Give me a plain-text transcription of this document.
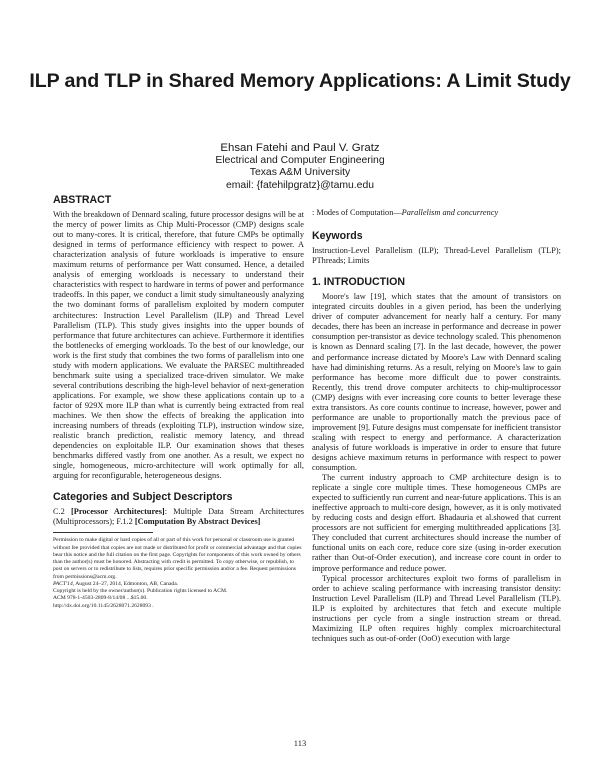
ILP and TLP in Shared Memory Applications: A Limit Study
Ehsan Fatehi and Paul V. Gratz
Electrical and Computer Engineering
Texas A&M University
email: {fatehilpgratz}@tamu.edu
ABSTRACT

With the breakdown of Dennard scaling, future processor designs will be at the mercy of power limits as Chip Multi-Processor (CMP) designs scale out to many-cores. It is critical, therefore, that future CMPs be optimally designed in terms of performance efficiency with respect to power. A characterization analysis of future workloads is imperative to ensure maximum returns of performance per Watt consumed. Hence, a detailed analysis of emerging workloads is necessary to understand their characteristics with respect to hardware in terms of power and performance tradeoffs. In this paper, we conduct a limit study simultaneously analyzing the two dominant forms of parallelism exploited by modern computer architectures: Instruction Level Parallelism (ILP) and Thread Level Parallelism (TLP). This study gives insights into the upper bounds of performance that future architectures can achieve. Furthermore it identifies the bottlenecks of emerging workloads. To the best of our knowledge, our work is the first study that combines the two forms of parallelism into one study with modern applications. We evaluate the PARSEC multithreaded benchmark suite using a specialized trace-driven simulator. We make several contributions describing the high-level behavior of next-generation applications. For example, we show these applications contain up to a factor of 929X more ILP than what is currently being extracted from real machines. We then show the effects of breaking the application into increasing numbers of threads (exploiting TLP), instruction window size, realistic branch prediction, realistic memory latency, and thread dependencies on exploitable ILP. Our examination shows that theses benchmarks differed vastly from one another. As a result, we expect no single, homogeneous, micro-architecture will work optimally for all, arguing for reconfigurable, heterogeneous designs.

Categories and Subject Descriptors

C.2 [Processor Architectures]: Multiple Data Stream Architectures (Multiprocessors); F.1.2 [Computation By Abstract Devices]

Permission to make digital or hard copies of all or part of this work for personal or classroom use is granted without fee provided that copies are not made or distributed for profit or commercial advantage and that copies bear this notice and the full citation on the first page. Copyrights for components of this work owned by others than the author(s) must be honored. Abstracting with credit is permitted. To copy otherwise, or republish, to post on servers or to redistribute to lists, requires prior specific permission and/or a fee. Request permissions from permissions@acm.org.
PACT'14, August 24–27, 2014, Edmonton, AB, Canada.
Copyright is held by the owner/author(s). Publication rights licensed to ACM.
ACM 978-1-4503-2809-8/14/08 ...$15.00.
http://dx.doi.org/10.1145/2628071.2628093 .

: Modes of Computation—Parallelism and concurrency

Keywords

Instruction-Level Parallelism (ILP); Thread-Level Parallelism (TLP); PThreads; Limits

1. INTRODUCTION

Moore's law [19], which states that the amount of transistors on integrated circuits doubles in a given period, has been the underlying driver of computer advancement for nearly half a century. For many decades, there has been an increase in performance and decrease in power consumption per-transistor as device technology scaled. This phenomenon is known as Dennard scaling [7]. In the last decade, however, the power and performance increase dictated by Moore's Law with Dennard scaling have had diminishing returns. As a result, relying on Moore's law to gain performance has become more difficult due to power constraints. Recently, this trend drove computer architects to chip-multiprocessor (CMP) designs with ever increasing core counts to better leverage these extra transistors. As core counts continue to increase, however, power and performance are unable to proportionally match the previous pace of improvement [9]. Future designs must compensate for inefficient transistor scaling with respect to energy and performance. A characterization analysis of future workloads is imperative in order to ensure that future designs achieve maximum returns in performance with respect to power consumption.

The current industry approach to CMP architecture design is to replicate a single core multiple times. These homogeneous CMPs are expected to sufficiently run current and near-future applications. This is an ineffective approach to multi-core design, however, as it is only motivated by reducing costs and design effort. Bhadauria et al.showed that current processors are not sufficient for emerging multithreaded applications [3]. They concluded that current architectures should increase the number of functional units on each core, reduce core size (using in-order execution rather than Out-of-Order execution), and increase core count in order to improve performance and reduce power.

Typical processor architectures exploit two forms of parallelism in order to achieve scaling performance with increasing transistor density: Instruction Level Parallelism (ILP) and Thread Level Parallelism (TLP). ILP is exploited by architectures that fetch and execute multiple instructions per cycle from a single instruction stream or thread. Maximizing ILP often requires highly complex microarchitectural techniques such as out-of-order (OoO) execution with large

113
